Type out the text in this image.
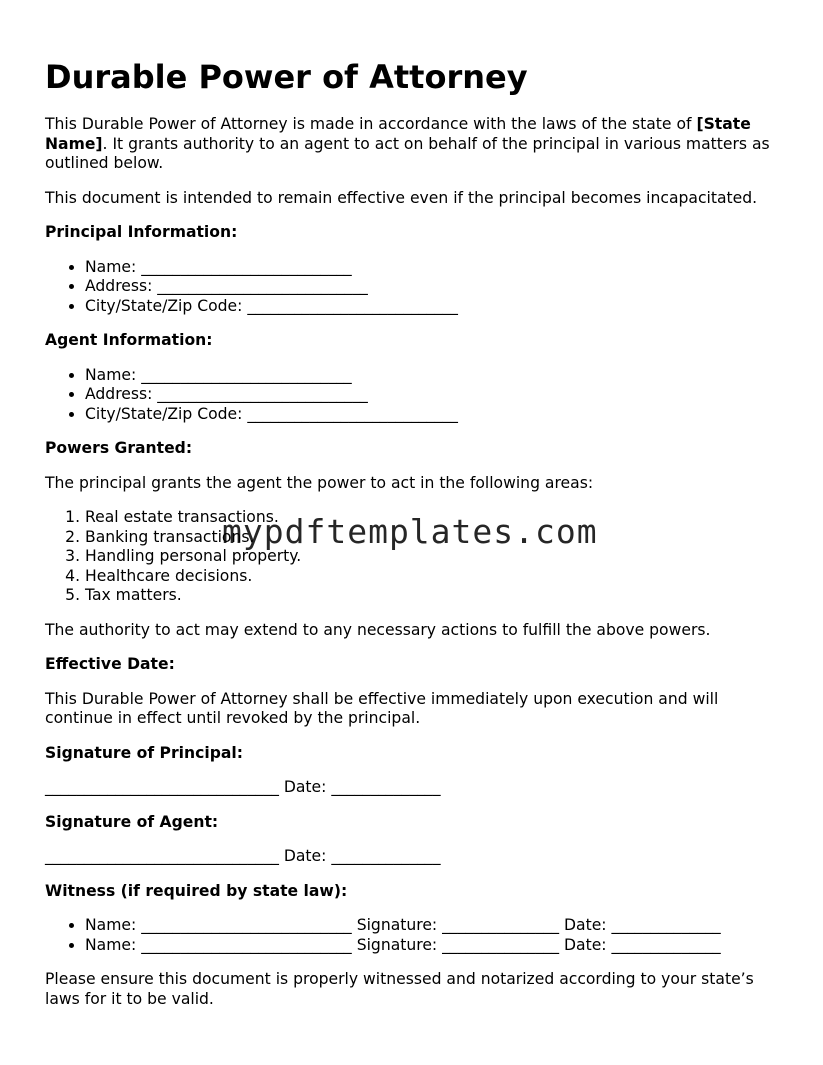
Durable Power of Attorney

This Durable Power of Attorney is made in accordance with the laws of the state of [State Name]. It grants authority to an agent to act on behalf of the principal in various matters as outlined below.

This document is intended to remain effective even if the principal becomes incapacitated.

Principal Information:
• Name: ___________________________
• Address: ___________________________
• City/State/Zip Code: ___________________________
Agent Information:
• Name: ___________________________
• Address: ___________________________
• City/State/Zip Code: ___________________________
Powers Granted:

The principal grants the agent the power to act in the following areas:

1. Real estate transactions.
2. Banking transactions.
3. Handling personal property.
4. Healthcare decisions.
5. Tax matters.

The authority to act may extend to any necessary actions to fulfill the above powers.

Effective Date:

This Durable Power of Attorney shall be effective immediately upon execution and will continue in effect until revoked by the principal.

Signature of Principal:
______________________________ Date: ______________
Signature of Agent:
______________________________ Date: ______________
Witness (if required by state law):
• Name: ___________________________ Signature: _______________ Date: ______________
• Name: ___________________________ Signature: _______________ Date: ______________

Please ensure this document is properly witnessed and notarized according to your state’s laws for it to be valid.

mypdftemplates.com
